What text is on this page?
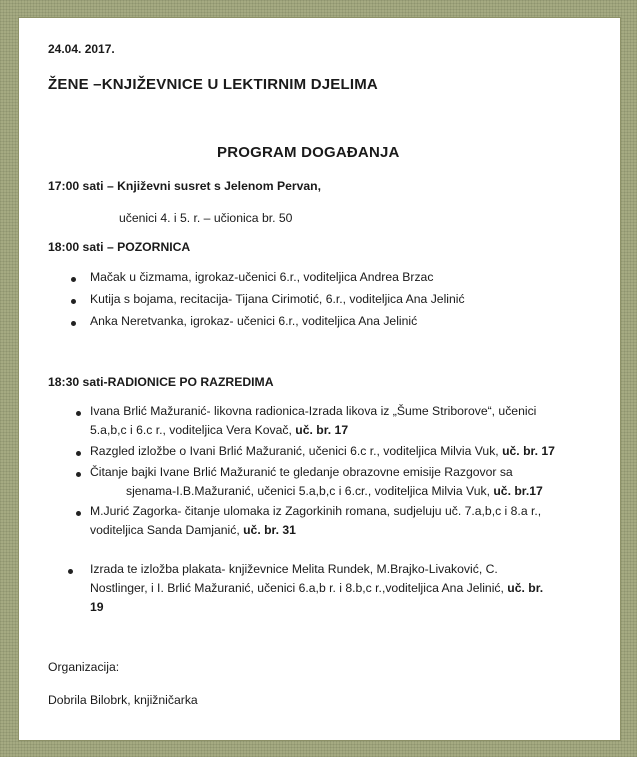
24.04. 2017.
ŽENE –KNJIŽEVNICE U LEKTIRNIM DJELIMA
PROGRAM DOGAĐANJA
17:00 sati – Književni susret s Jelenom Pervan,
učenici 4. i 5. r. – učionica br. 50
18:00 sati – POZORNICA
Mačak u čizmama, igrokaz-učenici 6.r., voditeljica Andrea Brzac
Kutija s bojama, recitacija- Tijana Cirimotić, 6.r., voditeljica Ana Jelinić
Anka Neretvanka, igrokaz- učenici 6.r., voditeljica Ana Jelinić
18:30 sati-RADIONICE PO RAZREDIMA
Ivana Brlić Mažuranić- likovna radionica-Izrada likova iz „Šume Striborove“, učenici
5.a,b,c i 6.c r., voditeljica Vera Kovač, uč. br. 17
Razgled izložbe o Ivani Brlić Mažuranić, učenici 6.c r., voditeljica Milvia Vuk, uč. br. 17
Čitanje bajki Ivane Brlić Mažuranić te gledanje obrazovne emisije Razgovor sa
sjenama-I.B.Mažuranić, učenici 5.a,b,c i 6.cr., voditeljica Milvia Vuk, uč. br.17
M.Jurić Zagorka- čitanje ulomaka iz Zagorkinih romana, sudjeluju uč. 7.a,b,c i 8.a r.,
voditeljica Sanda Damjanić, uč. br. 31
Izrada te izložba plakata- književnice Melita Rundek, M.Brajko-Livaković, C.
Nostlinger, i I. Brlić Mažuranić, učenici 6.a,b r. i 8.b,c r.,voditeljica Ana Jelinić, uč. br.
19
Organizacija:
Dobrila Bilobrk, knjižničarka
